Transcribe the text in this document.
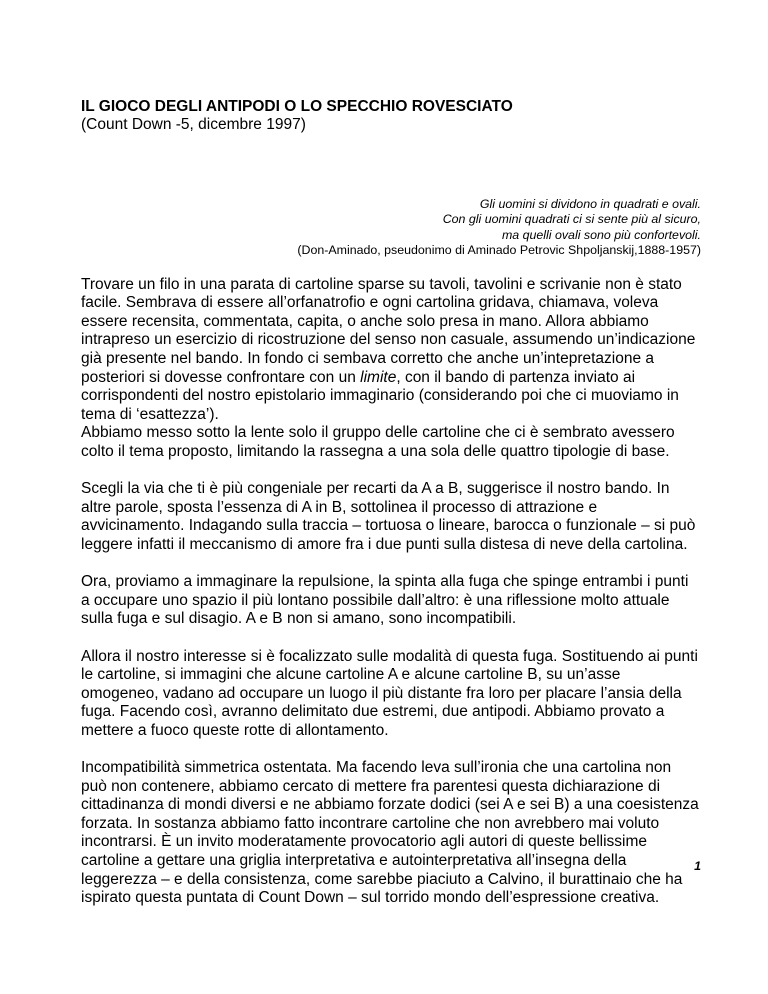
IL GIOCO DEGLI ANTIPODI O LO SPECCHIO ROVESCIATO

(Count Down -5, dicembre 1997)

Gli uomini si dividono in quadrati e ovali.
Con gli uomini quadrati ci si sente più al sicuro,
ma quelli ovali sono più confortevoli.
(Don-Aminado, pseudonimo di Aminado Petrovic Shpoljanskij,1888-1957)

Trovare un filo in una parata di cartoline sparse su tavoli, tavolini e scrivanie non è stato facile. Sembrava di essere all’orfanatrofio e ogni cartolina gridava, chiamava, voleva essere recensita, commentata, capita, o anche solo presa in mano. Allora abbiamo intrapreso un esercizio di ricostruzione del senso non casuale, assumendo un’indicazione già presente nel bando. In fondo ci sembava corretto che anche un’intepretazione a posteriori si dovesse confrontare con un limite, con il bando di partenza inviato ai corrispondenti del nostro epistolario immaginario (considerando poi che ci muoviamo in tema di ‘esattezza’).

Abbiamo messo sotto la lente solo il gruppo delle cartoline che ci è sembrato avessero colto il tema proposto, limitando la rassegna a una sola delle quattro tipologie di base.

Scegli la via che ti è più congeniale per recarti da A a B, suggerisce il nostro bando. In altre parole, sposta l’essenza di A in B, sottolinea il processo di attrazione e avvicinamento. Indagando sulla traccia – tortuosa o lineare, barocca o funzionale – si può leggere infatti il meccanismo di amore fra i due punti sulla distesa di neve della cartolina.

Ora, proviamo a immaginare la repulsione, la spinta alla fuga che spinge entrambi i punti a occupare uno spazio il più lontano possibile dall’altro: è una riflessione molto attuale sulla fuga e sul disagio. A e B non si amano, sono incompatibili.

Allora il nostro interesse si è focalizzato sulle modalità di questa fuga. Sostituendo ai punti le cartoline, si immagini che alcune cartoline A e alcune cartoline B, su un’asse omogeneo, vadano ad occupare un luogo il più distante fra loro per placare l’ansia della fuga. Facendo così, avranno delimitato due estremi, due antipodi. Abbiamo provato a mettere a fuoco queste rotte di allontamento.

Incompatibilità simmetrica ostentata. Ma facendo leva sull’ironia che una cartolina non può non contenere, abbiamo cercato di mettere fra parentesi questa dichiarazione di cittadinanza di mondi diversi e ne abbiamo forzate dodici (sei A e sei B) a una coesistenza forzata. In sostanza abbiamo fatto incontrare cartoline che non avrebbero mai voluto incontrarsi. È un invito moderatamente provocatorio agli autori di queste bellissime cartoline a gettare una griglia interpretativa e autointerpretativa all’insegna della leggerezza – e della consistenza, come sarebbe piaciuto a Calvino, il burattinaio che ha ispirato questa puntata di Count Down – sul torrido mondo dell’espressione creativa.

1
